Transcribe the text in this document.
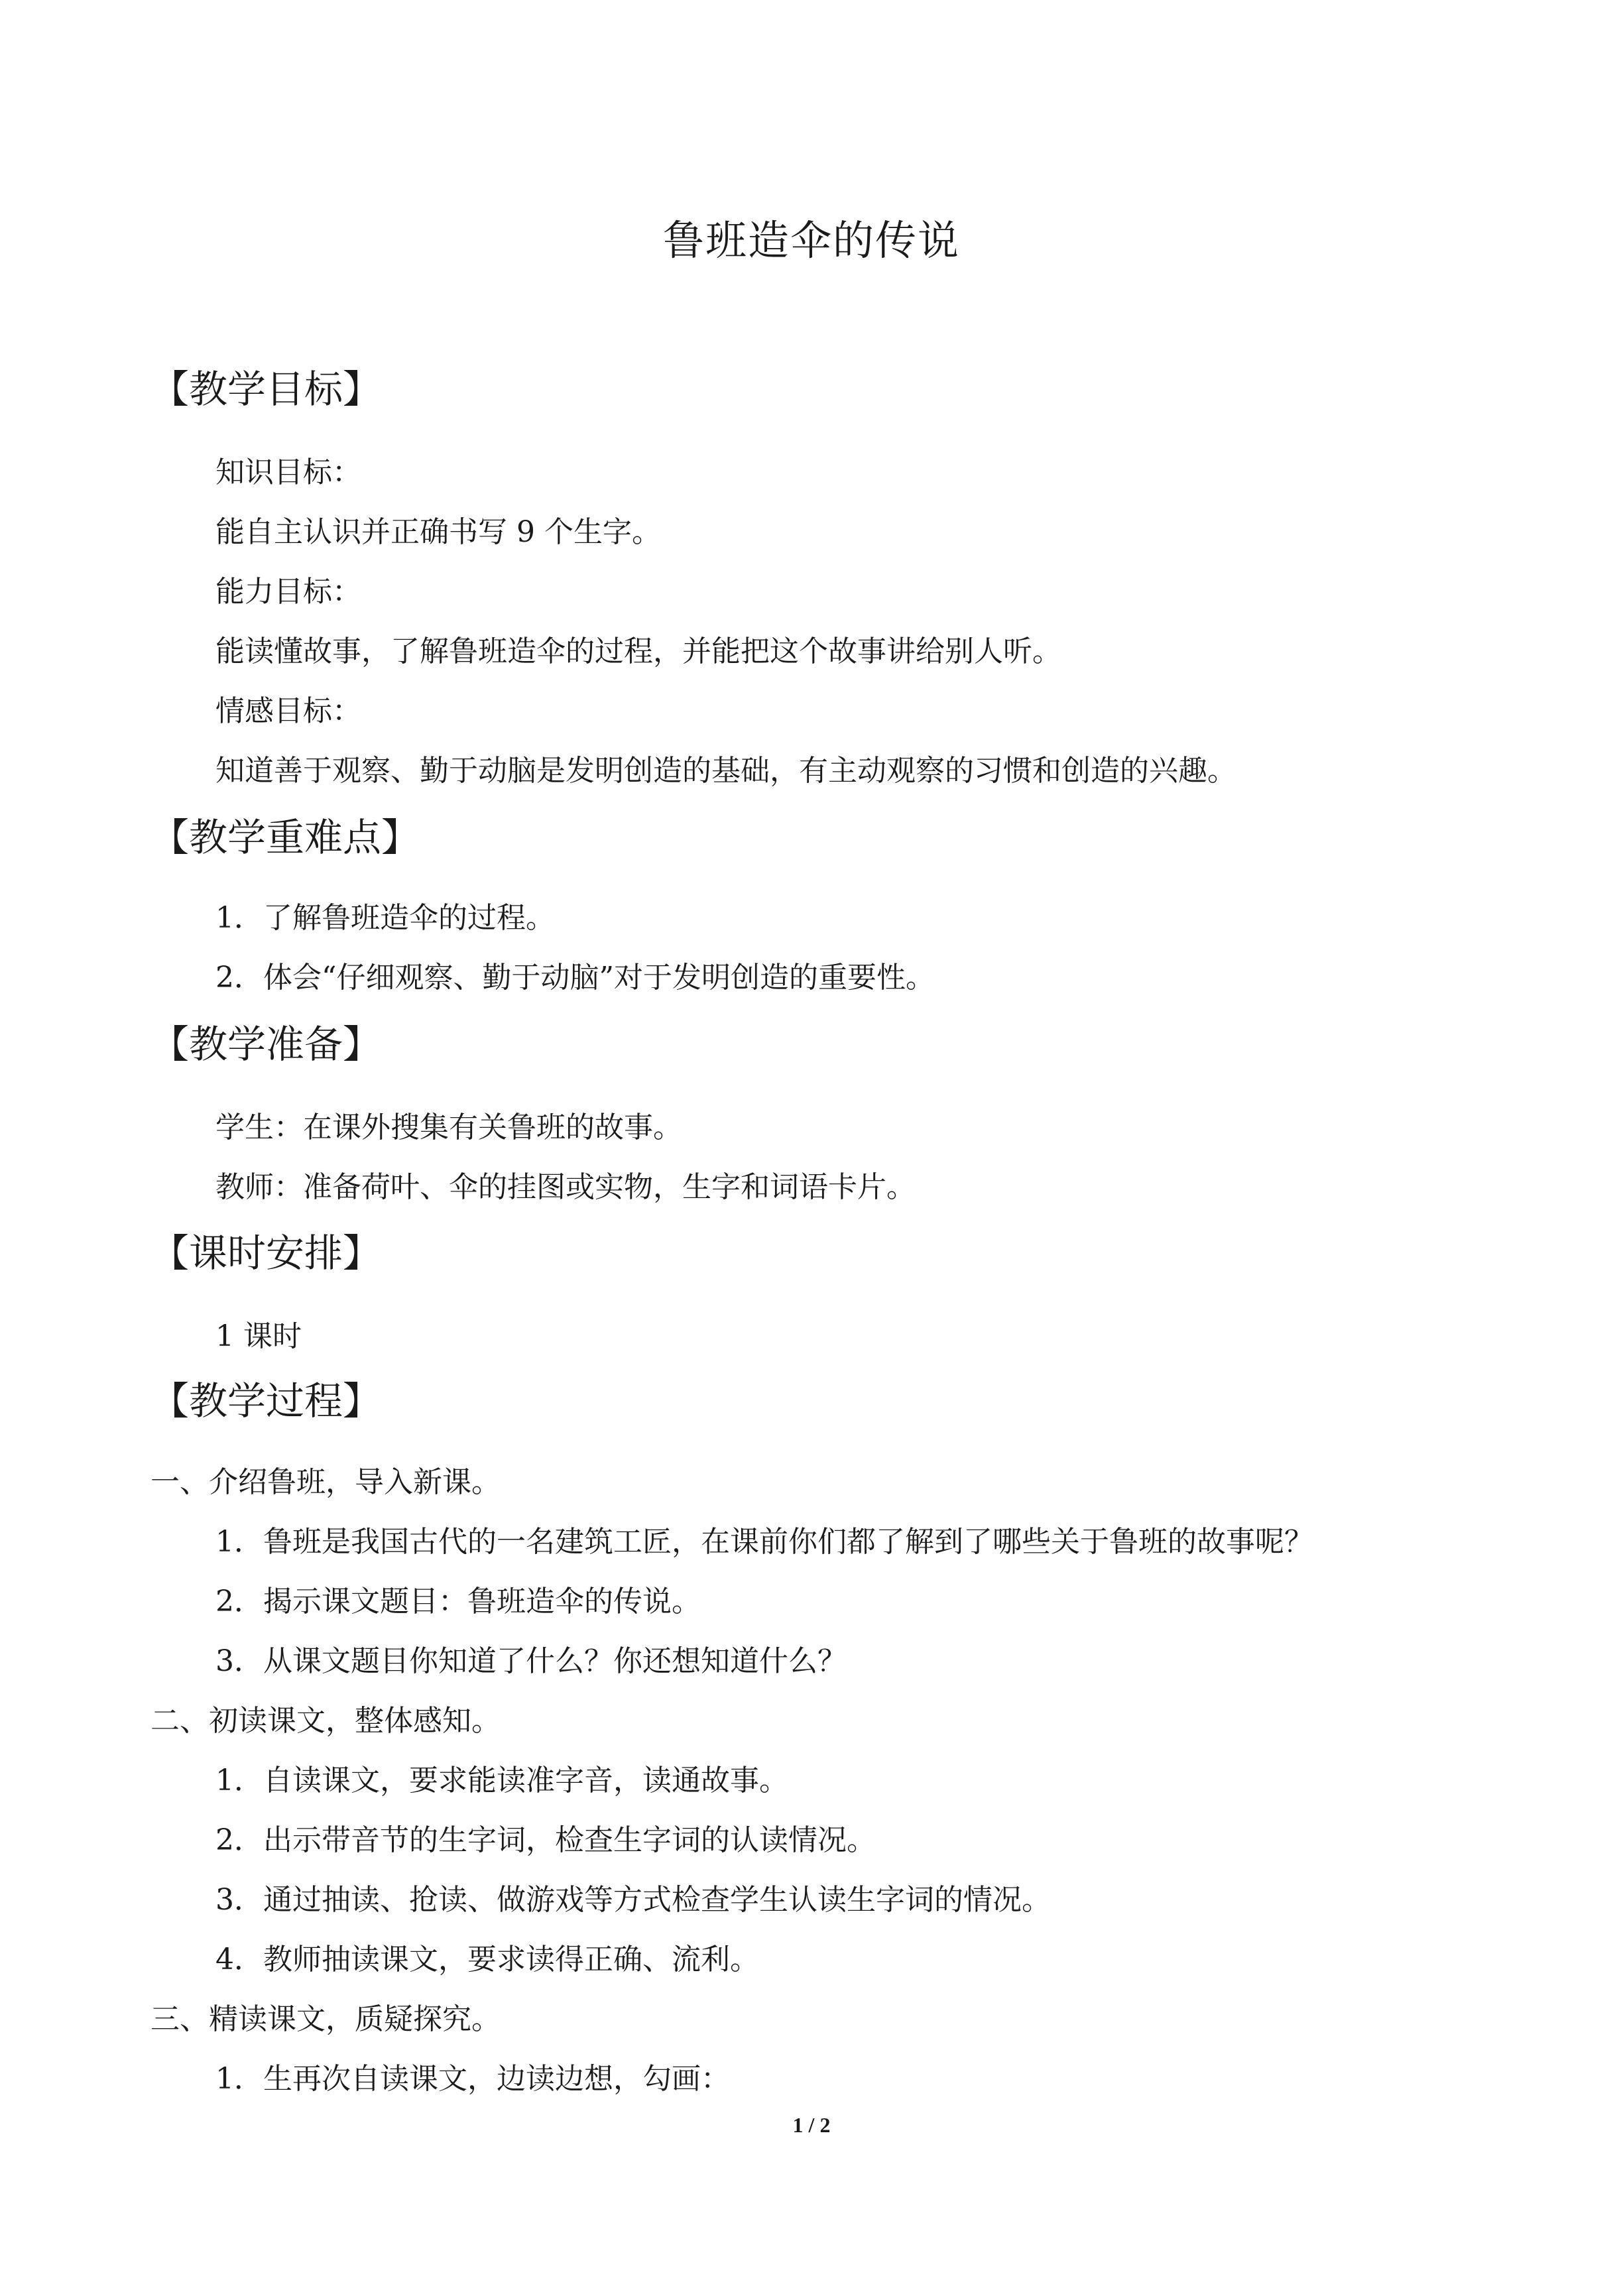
鲁班造伞的传说
【教学目标】
知识目标：
能自主认识并正确书写 9 个生字。
能力目标：
能读懂故事，了解鲁班造伞的过程，并能把这个故事讲给别人听。
情感目标：
知道善于观察、勤于动脑是发明创造的基础，有主动观察的习惯和创造的兴趣。
【教学重难点】
1．了解鲁班造伞的过程。
2．体会“仔细观察、勤于动脑”对于发明创造的重要性。
【教学准备】
学生：在课外搜集有关鲁班的故事。
教师：准备荷叶、伞的挂图或实物，生字和词语卡片。
【课时安排】
1 课时
【教学过程】
一、介绍鲁班，导入新课。
1．鲁班是我国古代的一名建筑工匠，在课前你们都了解到了哪些关于鲁班的故事呢？
2．揭示课文题目：鲁班造伞的传说。
3．从课文题目你知道了什么？你还想知道什么？
二、初读课文，整体感知。
1．自读课文，要求能读准字音，读通故事。
2．出示带音节的生字词，检查生字词的认读情况。
3．通过抽读、抢读、做游戏等方式检查学生认读生字词的情况。
4．教师抽读课文，要求读得正确、流利。
三、精读课文，质疑探究。
1．生再次自读课文，边读边想，勾画：
1 / 2
